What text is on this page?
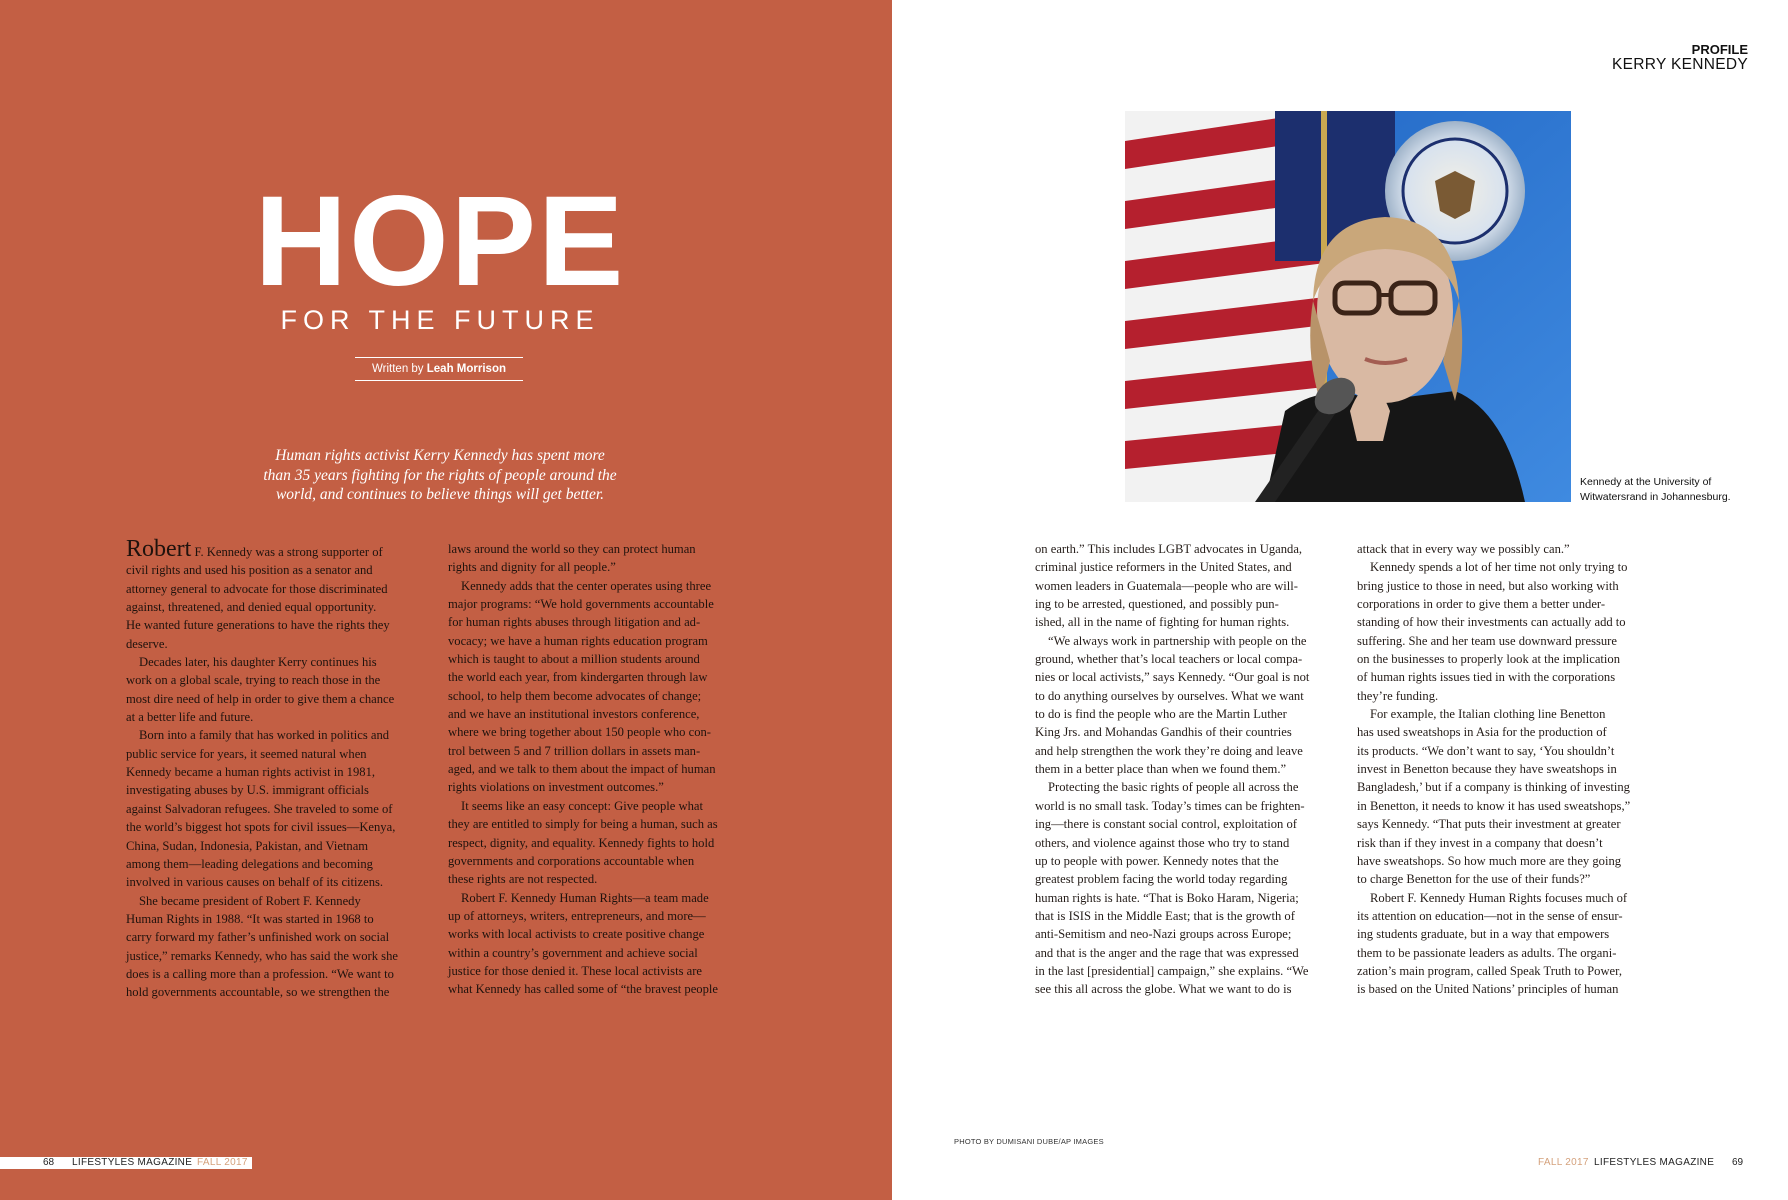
HOPE
FOR THE FUTURE
Written by Leah Morrison
Human rights activist Kerry Kennedy has spent more
than 35 years fighting for the rights of people around the
world, and continues to believe things will get better.
Robert F. Kennedy was a strong supporter of
civil rights and used his position as a senator and
attorney general to advocate for those discriminated
against, threatened, and denied equal opportunity.
He wanted future generations to have the rights they
deserve.
Decades later, his daughter Kerry continues his
work on a global scale, trying to reach those in the
most dire need of help in order to give them a chance
at a better life and future.
Born into a family that has worked in politics and
public service for years, it seemed natural when
Kennedy became a human rights activist in 1981,
investigating abuses by U.S. immigrant officials
against Salvadoran refugees. She traveled to some of
the world’s biggest hot spots for civil issues—Kenya,
China, Sudan, Indonesia, Pakistan, and Vietnam
among them—leading delegations and becoming
involved in various causes on behalf of its citizens.
She became president of Robert F. Kennedy
Human Rights in 1988. “It was started in 1968 to
carry forward my father’s unfinished work on social
justice,” remarks Kennedy, who has said the work she
does is a calling more than a profession. “We want to
hold governments accountable, so we strengthen the
laws around the world so they can protect human
rights and dignity for all people.”
Kennedy adds that the center operates using three
major programs: “We hold governments accountable
for human rights abuses through litigation and ad-
vocacy; we have a human rights education program
which is taught to about a million students around
the world each year, from kindergarten through law
school, to help them become advocates of change;
and we have an institutional investors conference,
where we bring together about 150 people who con-
trol between 5 and 7 trillion dollars in assets man-
aged, and we talk to them about the impact of human
rights violations on investment outcomes.”
It seems like an easy concept: Give people what
they are entitled to simply for being a human, such as
respect, dignity, and equality. Kennedy fights to hold
governments and corporations accountable when
these rights are not respected.
Robert F. Kennedy Human Rights—a team made
up of attorneys, writers, entrepreneurs, and more—
works with local activists to create positive change
within a country’s government and achieve social
justice for those denied it. These local activists are
what Kennedy has called some of “the bravest people
68 LIFESTYLES MAGAZINE FALL 2017
PROFILE
KERRY KENNEDY
Kennedy at the University of
Witwatersrand in Johannesburg.
on earth.” This includes LGBT advocates in Uganda,
criminal justice reformers in the United States, and
women leaders in Guatemala—people who are will-
ing to be arrested, questioned, and possibly pun-
ished, all in the name of fighting for human rights.
“We always work in partnership with people on the
ground, whether that’s local teachers or local compa-
nies or local activists,” says Kennedy. “Our goal is not
to do anything ourselves by ourselves. What we want
to do is find the people who are the Martin Luther
King Jrs. and Mohandas Gandhis of their countries
and help strengthen the work they’re doing and leave
them in a better place than when we found them.”
Protecting the basic rights of people all across the
world is no small task. Today’s times can be frighten-
ing—there is constant social control, exploitation of
others, and violence against those who try to stand
up to people with power. Kennedy notes that the
greatest problem facing the world today regarding
human rights is hate. “That is Boko Haram, Nigeria;
that is ISIS in the Middle East; that is the growth of
anti-Semitism and neo-Nazi groups across Europe;
and that is the anger and the rage that was expressed
in the last [presidential] campaign,” she explains. “We
see this all across the globe. What we want to do is
attack that in every way we possibly can.”
Kennedy spends a lot of her time not only trying to
bring justice to those in need, but also working with
corporations in order to give them a better under-
standing of how their investments can actually add to
suffering. She and her team use downward pressure
on the businesses to properly look at the implication
of human rights issues tied in with the corporations
they’re funding.
For example, the Italian clothing line Benetton
has used sweatshops in Asia for the production of
its products. “We don’t want to say, ‘You shouldn’t
invest in Benetton because they have sweatshops in
Bangladesh,’ but if a company is thinking of investing
in Benetton, it needs to know it has used sweatshops,”
says Kennedy. “That puts their investment at greater
risk than if they invest in a company that doesn’t
have sweatshops. So how much more are they going
to charge Benetton for the use of their funds?”
Robert F. Kennedy Human Rights focuses much of
its attention on education—not in the sense of ensur-
ing students graduate, but in a way that empowers
them to be passionate leaders as adults. The organi-
zation’s main program, called Speak Truth to Power,
is based on the United Nations’ principles of human
PHOTO BY DUMISANI DUBE/AP IMAGES
FALL 2017 LIFESTYLES MAGAZINE 69
